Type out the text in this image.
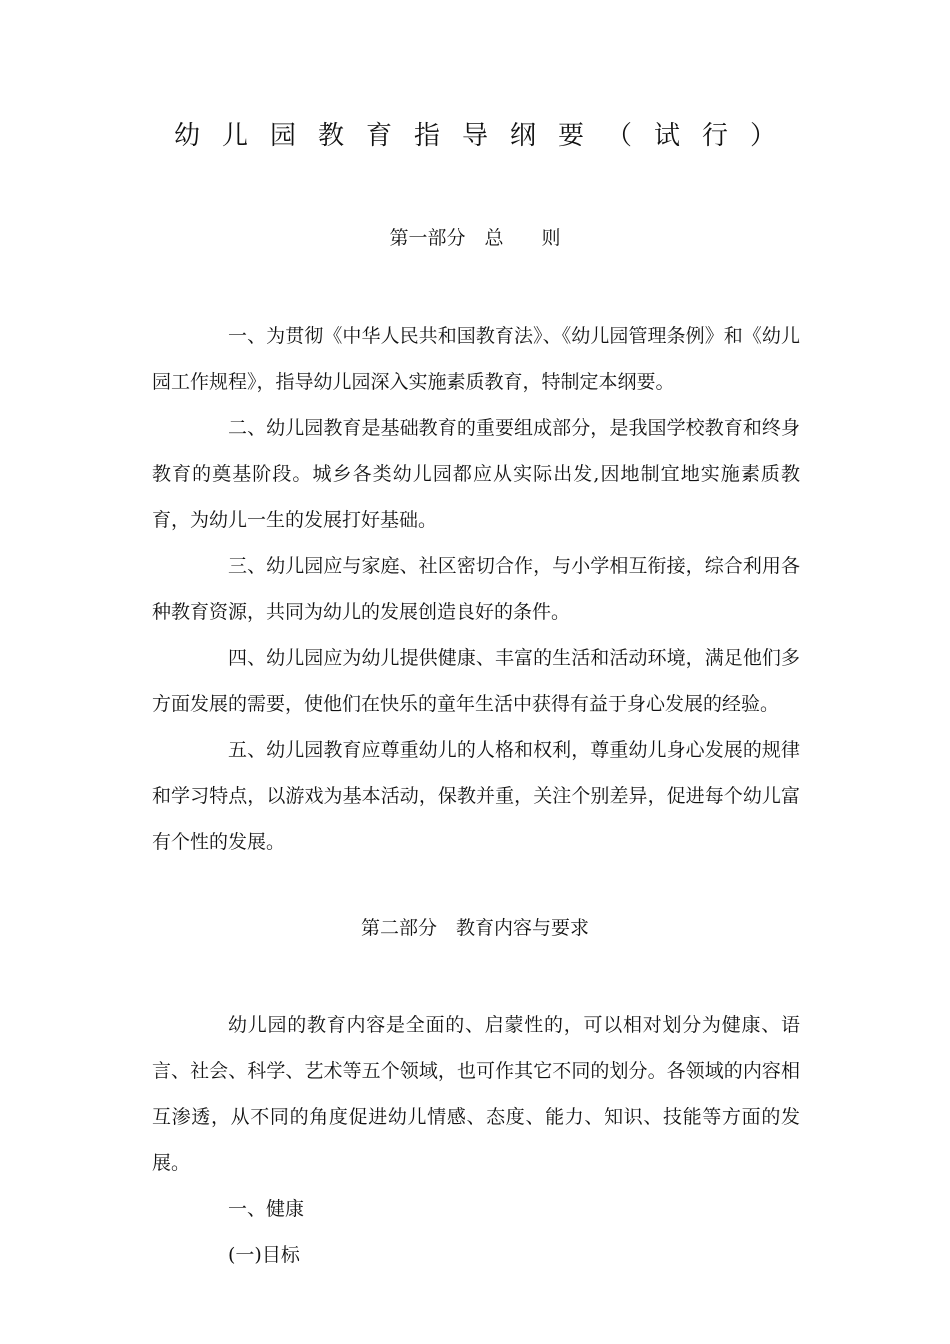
幼儿园教育指导纲要（试行）
第一部分　总　　则

一、为贯彻《中华人民共和国教育法》、《幼儿园管理条例》和《幼儿园工作规程》，指导幼儿园深入实施素质教育，特制定本纲要。

二、幼儿园教育是基础教育的重要组成部分，是我国学校教育和终身教育的奠基阶段。城乡各类幼儿园都应从实际出发,因地制宜地实施素质教育，为幼儿一生的发展打好基础。

三、幼儿园应与家庭、社区密切合作，与小学相互衔接，综合利用各种教育资源，共同为幼儿的发展创造良好的条件。

四、幼儿园应为幼儿提供健康、丰富的生活和活动环境，满足他们多方面发展的需要，使他们在快乐的童年生活中获得有益于身心发展的经验。

五、幼儿园教育应尊重幼儿的人格和权利，尊重幼儿身心发展的规律和学习特点，以游戏为基本活动，保教并重，关注个别差异，促进每个幼儿富有个性的发展。

第二部分　教育内容与要求

幼儿园的教育内容是全面的、启蒙性的，可以相对划分为健康、语言、社会、科学、艺术等五个领域，也可作其它不同的划分。各领域的内容相互渗透，从不同的角度促进幼儿情感、态度、能力、知识、技能等方面的发展。

一、健康

(一)目标
